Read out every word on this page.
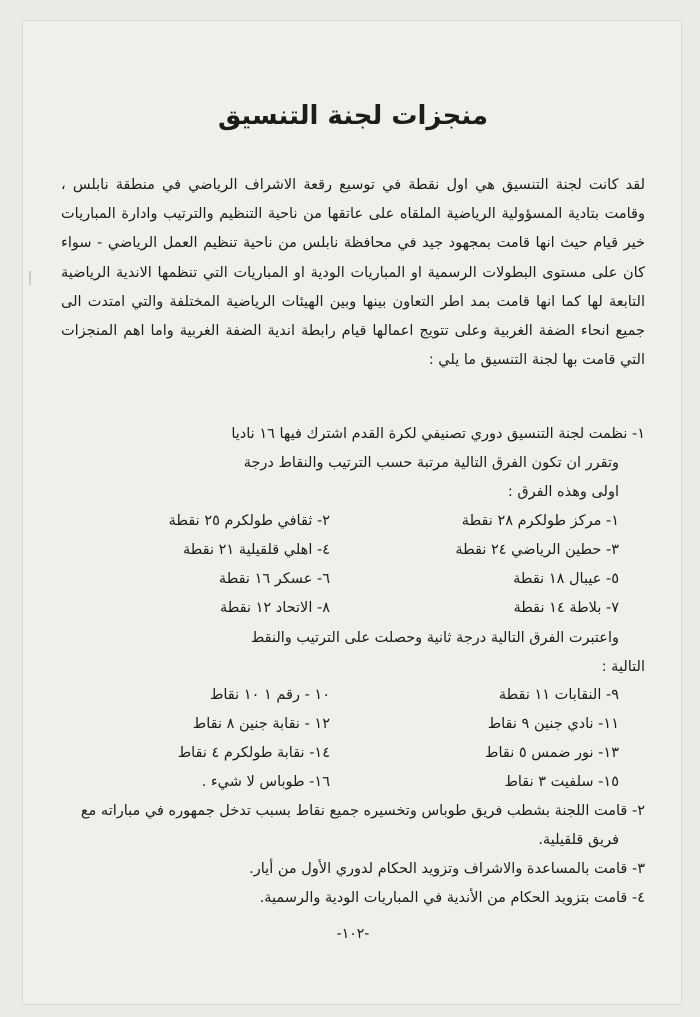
منجزات لجنة التنسيق

لقد كانت لجنة التنسيق هي اول نقطة في توسيع رقعة الاشراف الرياضي في منطقة نابلس ، وقامت بتادية المسؤولية الرياضية الملقاه على عاتقها من ناحية التنظيم والترتيب وادارة المباريات خير قيام حيث انها قامت بمجهود جيد في محافظة نابلس من ناحية تنظيم العمل الرياضي - سواء كان على مستوى البطولات الرسمية او المباريات الودية او المباريات التي تنظمها الاندية الرياضية التابعة لها كما انها قامت بمد اطر التعاون بينها وبين الهيئات الرياضية المختلفة والتي امتدت الى جميع انحاء الضفة الغربية وعلى تتويج اعمالها قيام رابطة اندية الضفة الغربية واما اهم المنجزات التي قامت بها لجنة التنسيق ما يلي :

١- نظمت لجنة التنسيق دوري تصنيفي لكرة القدم اشترك فيها ١٦ ناديا
وتقرر ان تكون الفرق التالية مرتبة حسب الترتيب والنقاط درجة
اولى وهذه الفرق :
١- مركز طولكرم ٢٨ نقطة
٢- ثقافي طولكرم ٢٥ نقطة
٣- حطين الرياضي ٢٤ نقطة
٤- اهلي قلقيلية ٢١ نقطة
٥- عيبال ١٨ نقطة
٦- عسكر ١٦ نقطة
٧- بلاطة ١٤ نقطة
٨- الاتحاد ١٢ نقطة
واعتبرت الفرق التالية درجة ثانية وحصلت على الترتيب والنقط
التالية :
٩- النقابات ١١ نقطة
١٠ - رقم ١ ١٠ نقاط
١١- نادي جنين ٩ نقاط
١٢ - نقابة جنين ٨ نقاط
١٣- نور ضمس ٥ نقاط
١٤- نقابة طولكرم ٤ نقاط
١٥- سلفيت ٣ نقاط
١٦- طوباس لا شيء .
٢- قامت اللجنة بشطب فريق طوباس وتخسيره جميع نقاط بسبب تدخل جمهوره في مباراته مع فريق قلقيلية.
٣- قامت بالمساعدة والاشراف وتزويد الحكام لدوري الأول من أيار.
٤- قامت بتزويد الحكام من الأندية في المباريات الودية والرسمية.
-١٠٢-
